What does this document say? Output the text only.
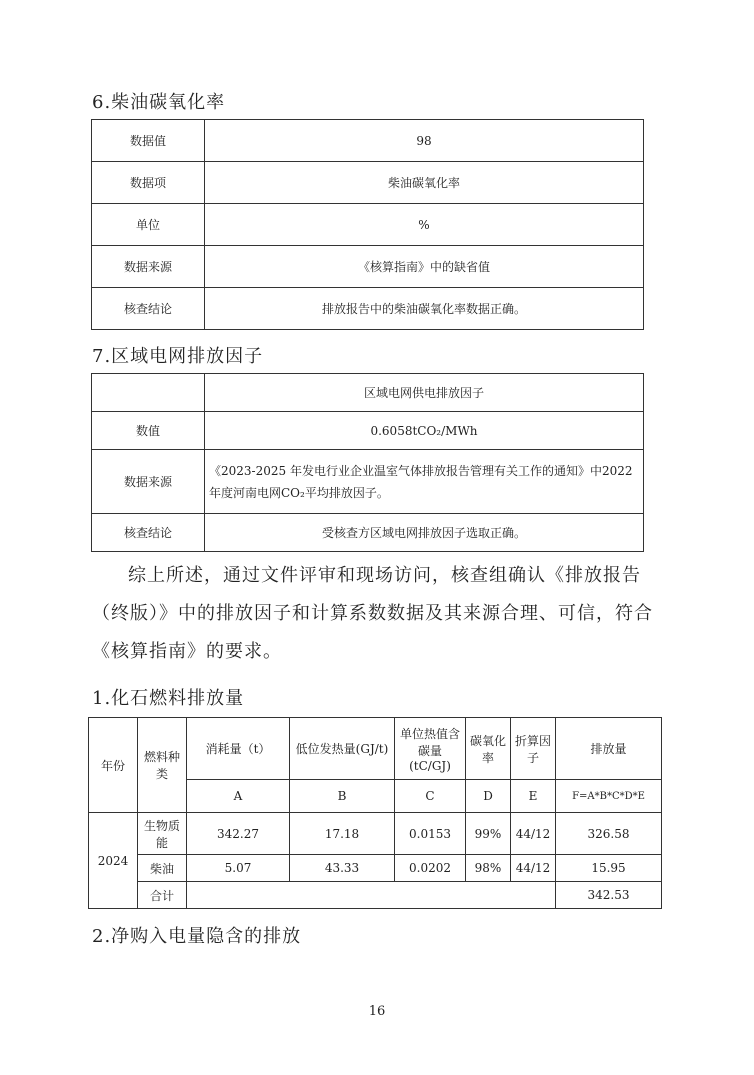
6.柴油碳氧化率
数据值	98
数据项	柴油碳氧化率
单位	%
数据来源	《核算指南》中的缺省值
核查结论	排放报告中的柴油碳氧化率数据正确。
7.区域电网排放因子
	区域电网供电排放因子
数值	0.6058tCO₂/MWh
数据来源	《2023-2025 年发电行业企业温室气体排放报告管理有关工作的通知》中2022 年度河南电网CO₂平均排放因子。
核查结论	受核查方区域电网排放因子选取正确。
综上所述，通过文件评审和现场访问，核查组确认《排放报告（终版）》中的排放因子和计算系数数据及其来源合理、可信，符合《核算指南》的要求。
1.化石燃料排放量
年份	燃料种类	消耗量（t）	低位发热量(GJ/t)	单位热值含碳量(tC/GJ)	碳氧化率	折算因子	排放量
		A	B	C	D	E	F=A*B*C*D*E
2024	生物质能	342.27	17.18	0.0153	99%	44/12	326.58
	柴油	5.07	43.33	0.0202	98%	44/12	15.95
	合计						342.53
2.净购入电量隐含的排放
16
